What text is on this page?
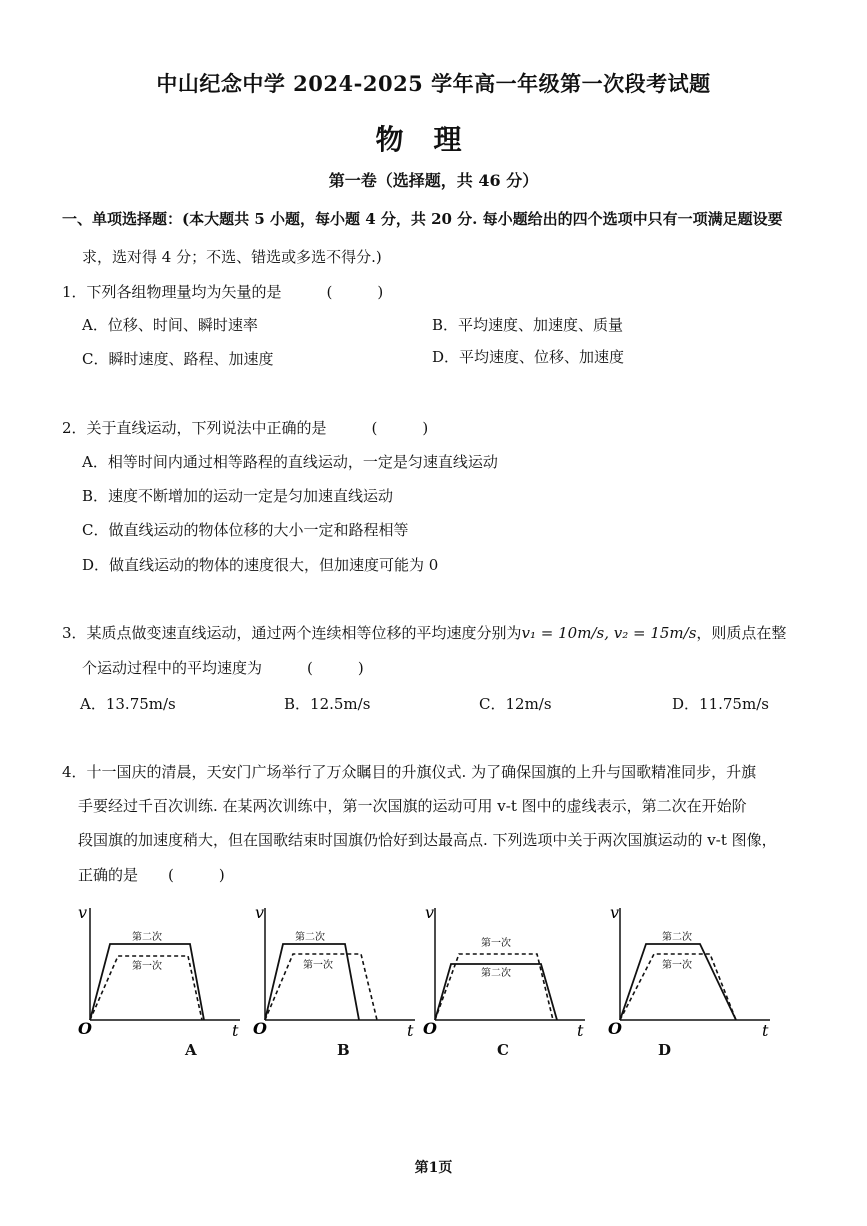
中山纪念中学 2024-2025 学年高一年级第一次段考试题
物理
第一卷（选择题，共 46 分）
一、单项选择题：(本大题共 5 小题，每小题 4 分，共 20 分. 每小题给出的四个选项中只有一项满足题设要
求，选对得 4 分；不选、错选或多选不得分.)
1．下列各组物理量均为矢量的是　　　(　　　)
A．位移、时间、瞬时速率	B．平均速度、加速度、质量
C．瞬时速度、路程、加速度	D．平均速度、位移、加速度
2．关于直线运动，下列说法中正确的是　　　(　　　)
A．相等时间内通过相等路程的直线运动，一定是匀速直线运动
B．速度不断增加的运动一定是匀加速直线运动
C．做直线运动的物体位移的大小一定和路程相等
D．做直线运动的物体的速度很大，但加速度可能为 0
3．某质点做变速直线运动，通过两个连续相等位移的平均速度分别为v₁ = 10m/s, v₂ = 15m/s，则质点在整
个运动过程中的平均速度为　　　(　　　)
A．13.75m/s	B．12.5m/s	C．12m/s	D．11.75m/s
4．十一国庆的清晨，天安门广场举行了万众瞩目的升旗仪式. 为了确保国旗的上升与国歌精准同步，升旗
手要经过千百次训练. 在某两次训练中，第一次国旗的运动可用 v-t 图中的虚线表示，第二次在开始阶
段国旗的加速度稍大，但在国歌结束时国旗仍恰好到达最高点. 下列选项中关于两次国旗运动的 v-t 图像，
正确的是　　(　　　)
v
t
O
第二次
第一次
A
v
t
O
第二次
第一次
B
v
t
O
第一次
第二次
C
v
t
O
第二次
第一次
D
第1页
